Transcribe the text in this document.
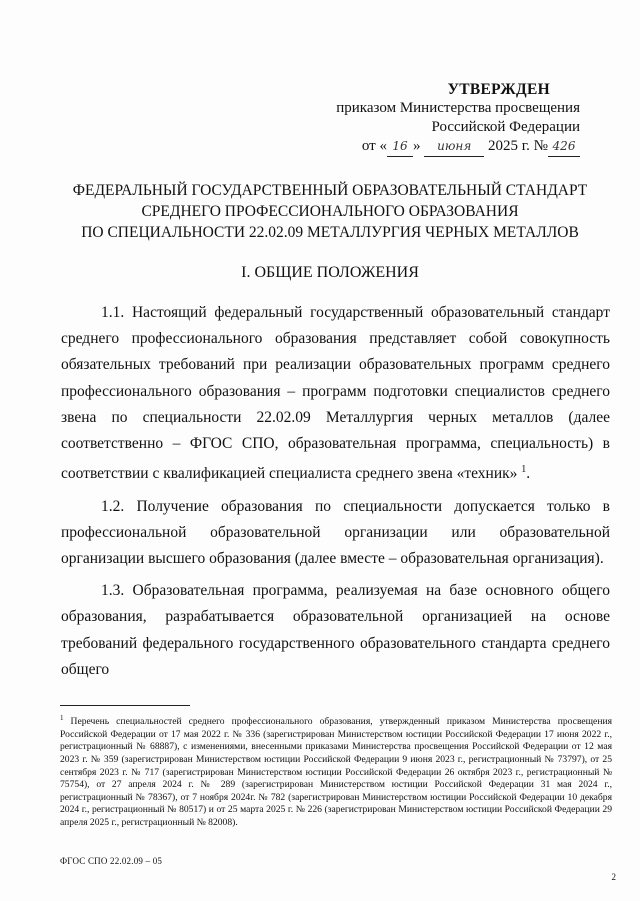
УТВЕРЖДЕН
приказом Министерства просвещения
Российской Федерации
от « 16 » июня 2025 г. № 426
ФЕДЕРАЛЬНЫЙ ГОСУДАРСТВЕННЫЙ ОБРАЗОВАТЕЛЬНЫЙ СТАНДАРТ
СРЕДНЕГО ПРОФЕССИОНАЛЬНОГО ОБРАЗОВАНИЯ
ПО СПЕЦИАЛЬНОСТИ 22.02.09 МЕТАЛЛУРГИЯ ЧЕРНЫХ МЕТАЛЛОВ
I. ОБЩИЕ ПОЛОЖЕНИЯ

1.1. Настоящий федеральный государственный образовательный стандарт среднего профессионального образования представляет собой совокупность обязательных требований при реализации образовательных программ среднего профессионального образования – программ подготовки специалистов среднего звена по специальности 22.02.09 Металлургия черных металлов (далее соответственно – ФГОС СПО, образовательная программа, специальность) в соответствии с квалификацией специалиста среднего звена «техник» $^1$.

1.2. Получение образования по специальности допускается только в профессиональной образовательной организации или образовательной организации высшего образования (далее вместе – образовательная организация).

1.3. Образовательная программа, реализуемая на базе основного общего образования, разрабатывается образовательной организацией на основе требований федерального государственного образовательного стандарта среднего общего

$^1$ Перечень специальностей среднего профессионального образования, утвержденный приказом Министерства просвещения Российской Федерации от 17 мая 2022 г. № 336 (зарегистрирован Министерством юстиции Российской Федерации 17 июня 2022 г., регистрационный № 68887), с изменениями, внесенными приказами Министерства просвещения Российской Федерации от 12 мая 2023 г. № 359 (зарегистрирован Министерством юстиции Российской Федерации 9 июня 2023 г., регистрационный № 73797), от 25 сентября 2023 г. № 717 (зарегистрирован Министерством юстиции Российской Федерации 26 октября 2023 г., регистрационный № 75754), от 27 апреля 2024 г. № 289 (зарегистрирован Министерством юстиции Российской Федерации 31 мая 2024 г., регистрационный № 78367), от 7 ноября 2024г. № 782 (зарегистрирован Министерством юстиции Российской Федерации 10 декабря 2024 г., регистрационный № 80517) и от 25 марта 2025 г. № 226 (зарегистрирован Министерством юстиции Российской Федерации 29 апреля 2025 г., регистрационный № 82008).
ФГОС СПО 22.02.09 – 05
2
